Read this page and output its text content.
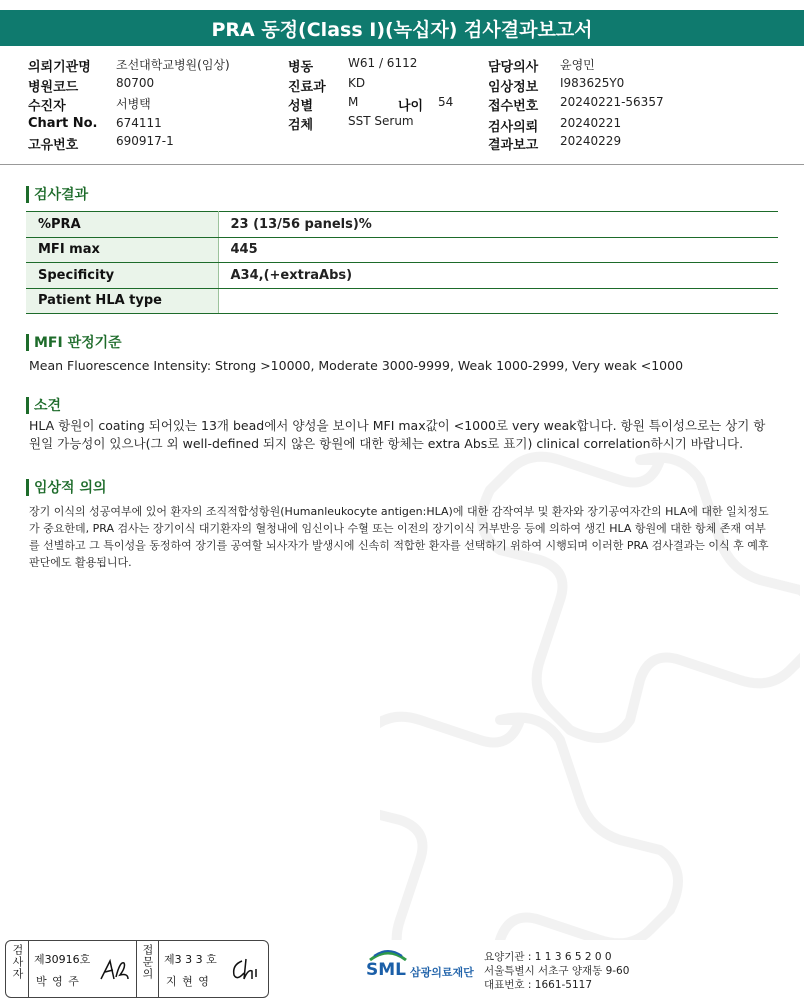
PRA 동정(Class I)(녹십자) 검사결과보고서
의뢰기관명	조선대학교병원(임상)
병원코드	80700
수진자	서병택
Chart No.	674111
고유번호	690917-1
병동	W61 / 6112
진료과	KD
성별	M	나이	54
검체	SST Serum
담당의사	윤영민
임상정보	I983625Y0
접수번호	20240221-56357
검사의뢰	20240221
결과보고	20240229
검사결과
%PRA	23 (13/56 panels)%
MFI max	445
Specificity	A34,(+extraAbs)
Patient HLA type	
MFI 판정기준
Mean Fluorescence Intensity: Strong >10000, Moderate 3000-9999, Weak 1000-2999, Very weak <1000
소견
HLA 항원이 coating 되어있는 13개 bead에서 양성을 보이나 MFI max값이 <1000로 very weak합니다. 항원 특이성으로는 상기 항원일 가능성이 있으나(그 외 well-defined 되지 않은 항원에 대한 항체는 extra Abs로 표기) clinical correlation하시기 바랍니다.
임상적 의의
장기 이식의 성공여부에 있어 환자의 조직적합성항원(Humanleukocyte antigen:HLA)에 대한 감작여부 및 환자와 장기공여자간의 HLA에 대한 일치정도가 중요한데, PRA 검사는 장기이식 대기환자의 혈청내에 임신이나 수혈 또는 이전의 장기이식 거부반응 등에 의하여 생긴 HLA 항원에 대한 항체 존재 여부를 선별하고 그 특이성을 동정하여 장기를 공여할 뇌사자가 발생시에 신속히 적합한 환자를 선택하기 위하여 시행되며 이러한 PRA 검사결과는 이식 후 예후 판단에도 활용됩니다.
검사자 제30916호
박 영 주
접문의 제3 3 3 호
지 현 영
SML 삼광의료재단
요양기관 : 1 1 3 6 5 2 0 0
서울특별시 서초구 양재동 9-60
대표번호 : 1661-5117
